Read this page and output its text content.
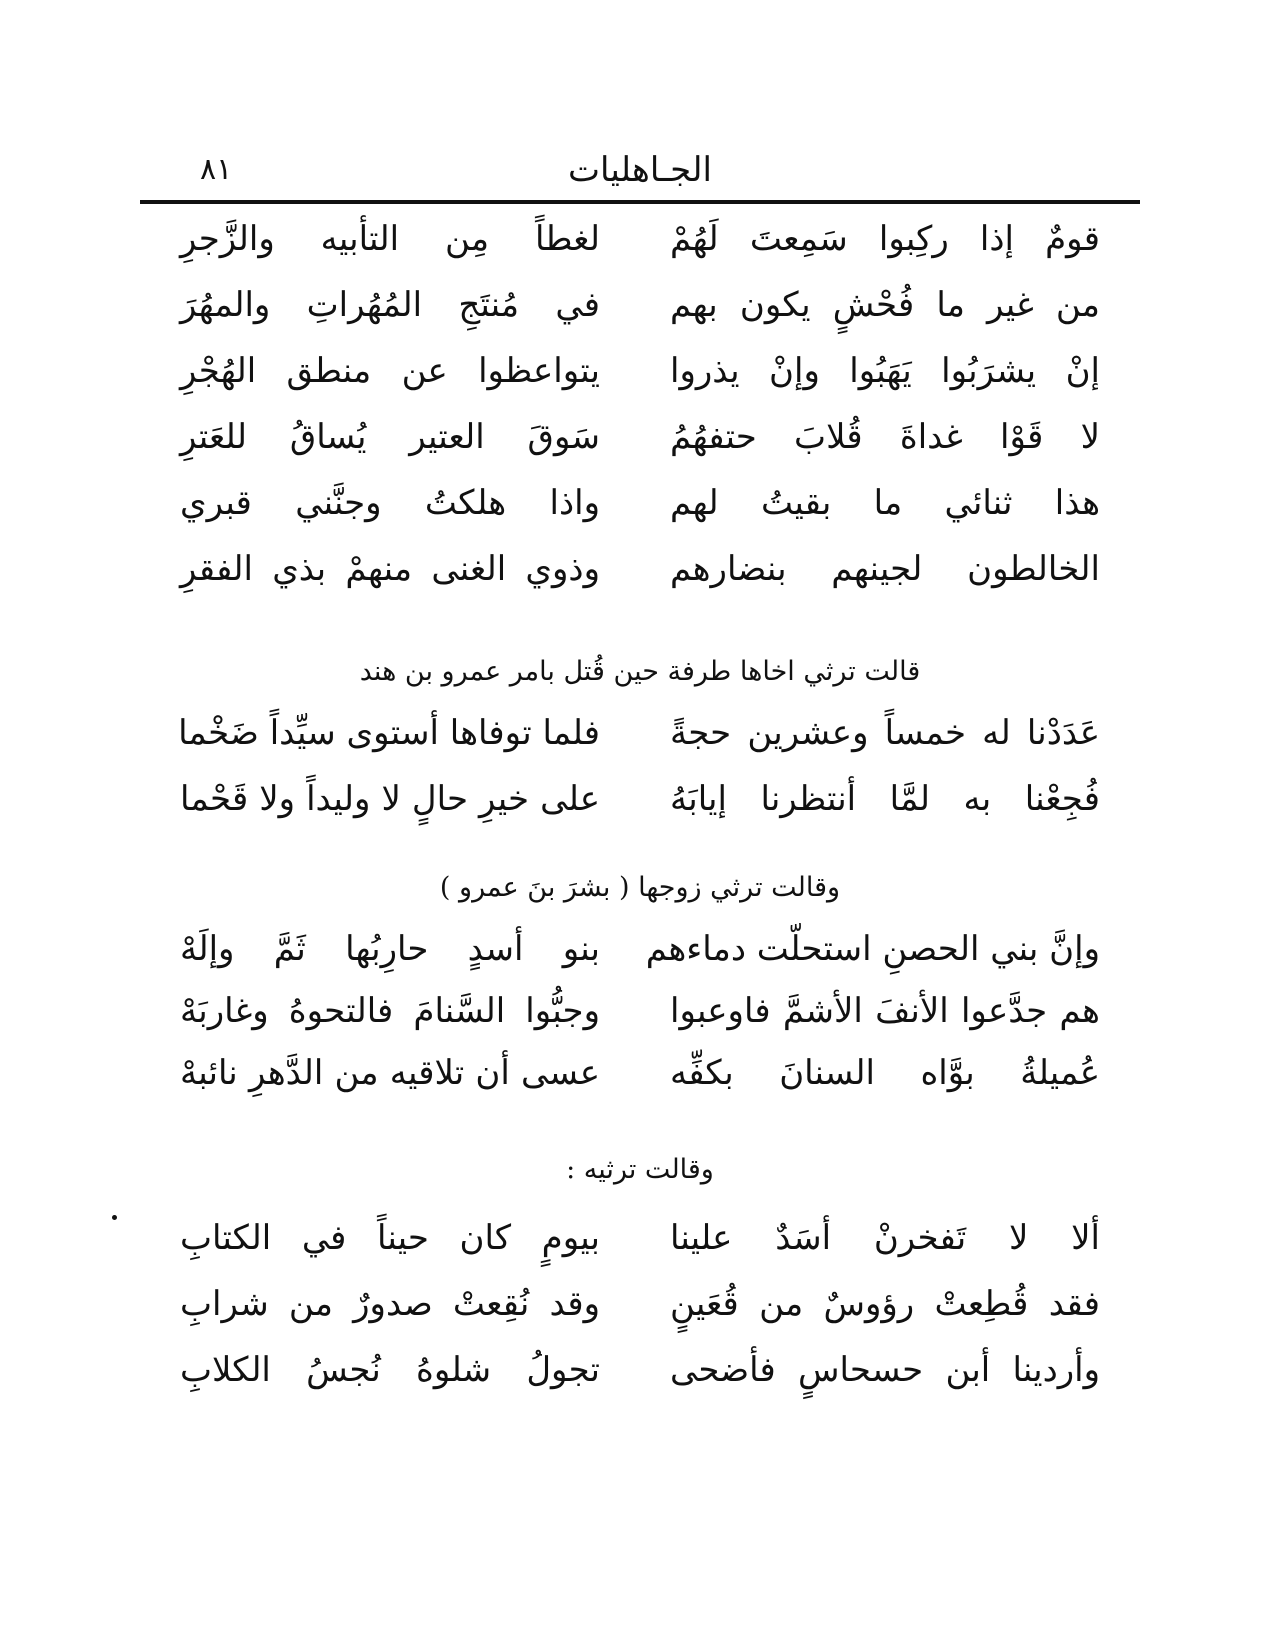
٨١	الجـاهليات
قومٌ إذا ركِبوا سَمِعتَ لَهُمْ
لغطاً مِن التأبيه والزَّجرِ
من غير ما فُحْشٍ يكون بهم
في مُنتَجِ المُهُراتِ والمهُرَ
إنْ يشرَبُوا يَهَبُوا وإنْ يذروا
يتواعظوا عن منطق الهُجْرِ
لا قَوْا غداةَ قُلابَ حتفهُمُ
سَوقَ العتير يُساقُ للعَترِ
هذا ثنائي ما بقيتُ لهم
واذا هلكتُ وجنَّني قبري
الخالطون لجينهم بنضارهم
وذوي الغنى منهمْ بذي الفقرِ
قالت ترثي اخاها طرفة حين قُتل بامر عمرو بن هند
عَدَدْنا له خمساً وعشرين حجةً
فلما توفاها أستوى سيِّداً ضَخْما
فُجِعْنا به لمَّا أنتظرنا إيابَهُ
على خيرِ حالٍ لا وليداً ولا قَحْما
وقالت ترثي زوجها ( بشرَ بنَ عمرو )
وإنَّ بني الحصنِ استحلّت دماءهم
بنو أسدٍ حارِبُها ثَمَّ وإلَهْ
هم جدَّعوا الأنفَ الأشمَّ فاوعبوا
وجبُّوا السَّنامَ فالتحوهُ وغاربَهْ
عُميلةُ بوَّاه السنانَ بكفِّه
عسى أن تلاقيه من الدَّهرِ نائبهْ
وقالت ترثيه :
ألا لا تَفخرنْ أسَدٌ علينا
بيومٍ كان حيناً في الكتابِ
فقد قُطِعتْ رؤوسٌ من قُعَينٍ
وقد نُقِعتْ صدورٌ من شرابِ
وأردينا أبن حسحاسٍ فأضحى
تجولُ شلوهُ نُجسُ الكلابِ
